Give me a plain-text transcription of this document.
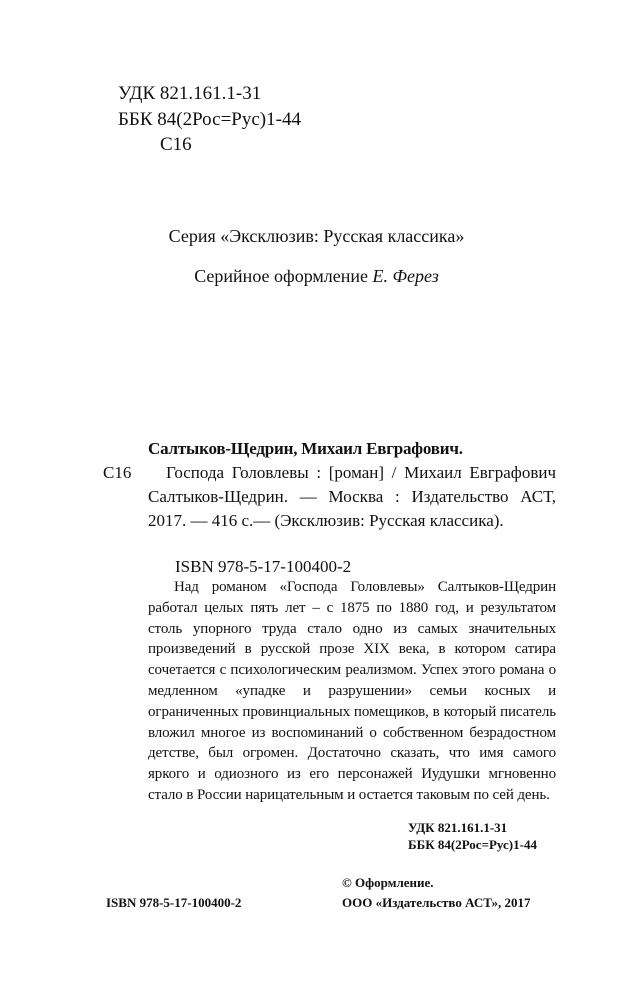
УДК 821.161.1-31
ББК 84(2Рос=Рус)1-44
С16
Серия «Эксклюзив: Русская классика»
Серийное оформление Е. Ферез
Салтыков-Щедрин, Михаил Евграфович.
С16	Господа Головлевы : [роман] / Михаил Евграфович Салтыков-Щедрин. — Москва : Издательство АСТ, 2017. — 416 с.— (Эксклюзив: Русская классика).

ISBN 978-5-17-100400-2

Над романом «Господа Головлевы» Салтыков-Щедрин работал целых пять лет – с 1875 по 1880 год, и результатом столь упорного труда стало одно из самых значительных произведений в русской прозе XIX века, в котором сатира сочетается с психологическим реализмом. Успех этого романа о медленном «упадке и разрушении» семьи косных и ограниченных провинциальных помещиков, в который писатель вложил многое из воспоминаний о собственном безрадостном детстве, был огромен. Достаточно сказать, что имя самого яркого и одиозного из его персонажей Иудушки мгновенно стало в России нарицательным и остается таковым по сей день.

УДК 821.161.1-31
ББК 84(2Рос=Рус)1-44
ISBN 978-5-17-100400-2
© Оформление.
ООО «Издательство АСТ», 2017
